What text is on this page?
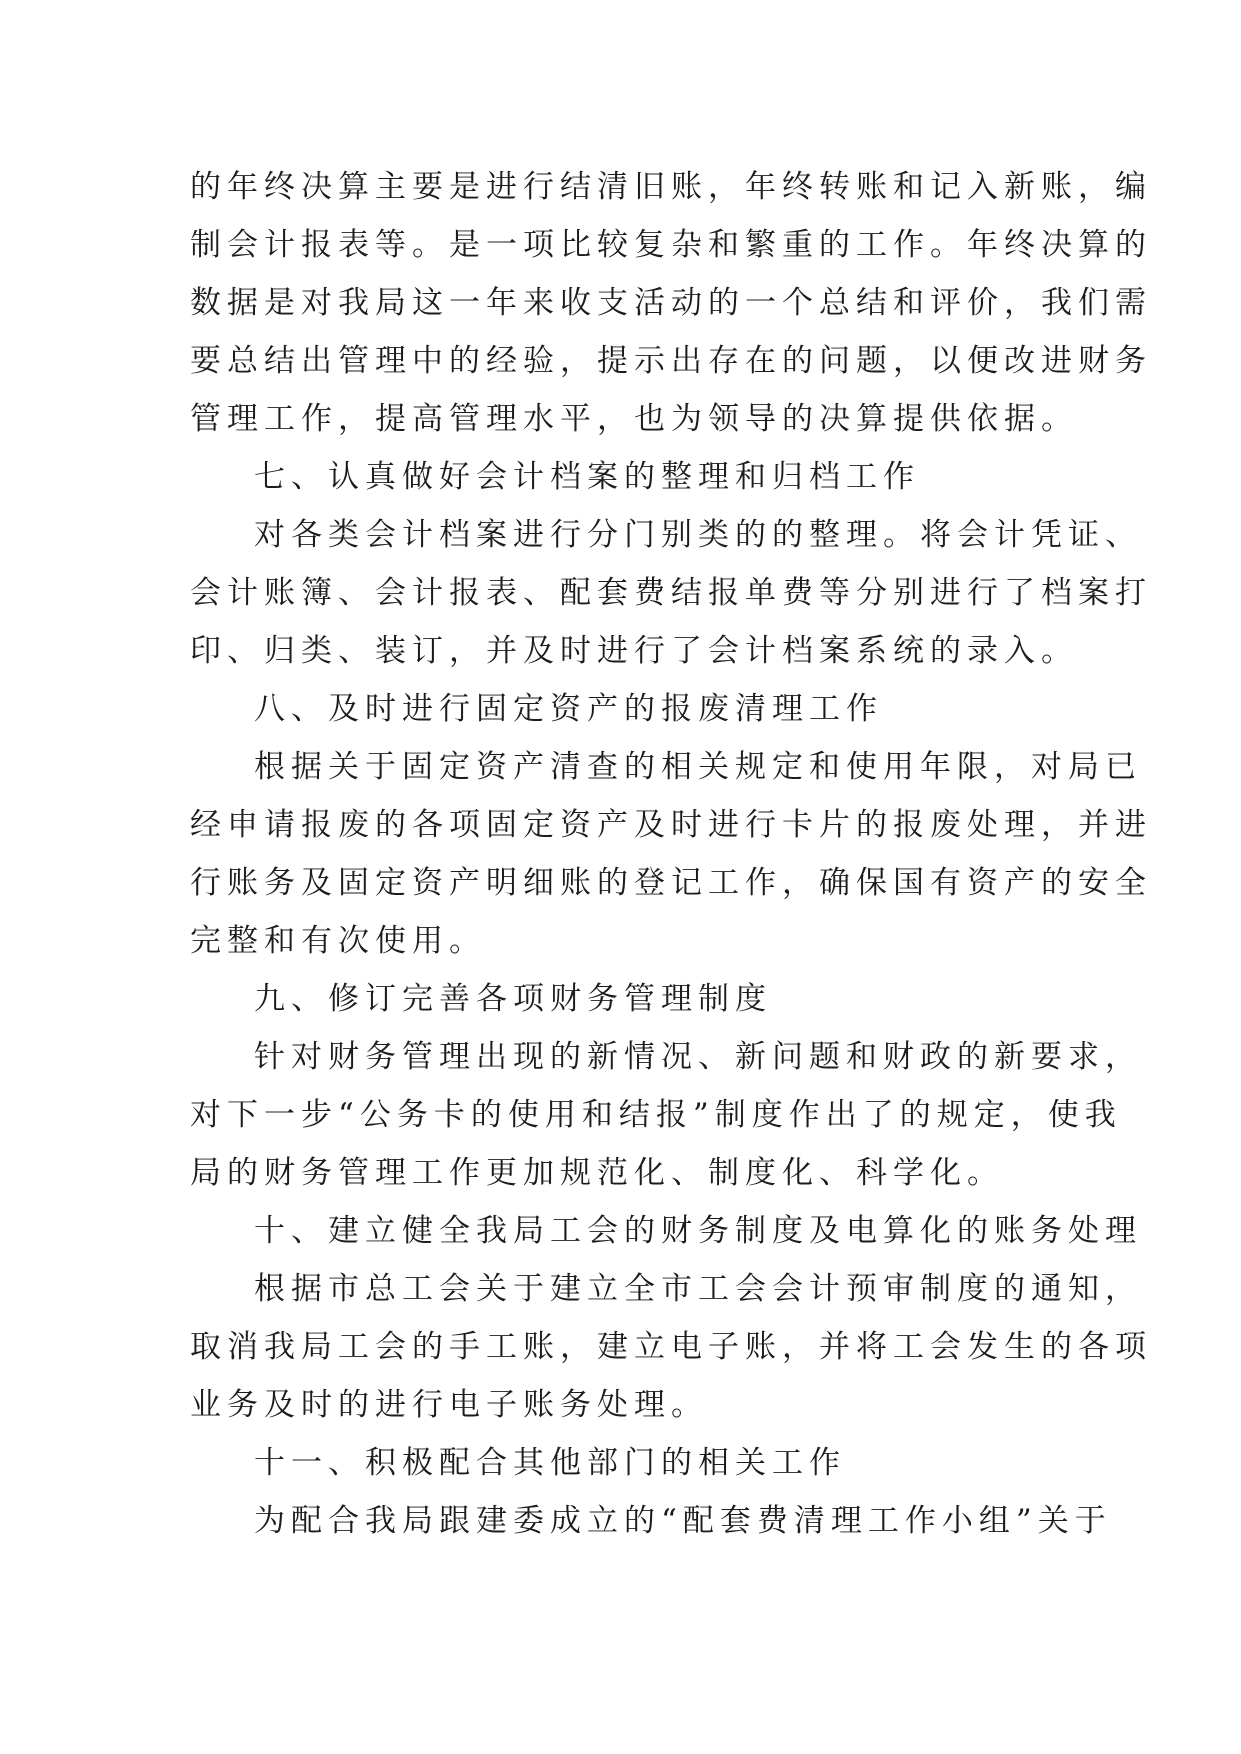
的年终决算主要是进行结清旧账，年终转账和记入新账，编
制会计报表等。是一项比较复杂和繁重的工作。年终决算的
数据是对我局这一年来收支活动的一个总结和评价，我们需
要总结出管理中的经验，提示出存在的问题，以便改进财务
管理工作，提高管理水平，也为领导的决算提供依据。
七、认真做好会计档案的整理和归档工作
对各类会计档案进行分门别类的的整理。将会计凭证、
会计账簿、会计报表、配套费结报单费等分别进行了档案打
印、归类、装订，并及时进行了会计档案系统的录入。
八、及时进行固定资产的报废清理工作
根据关于固定资产清查的相关规定和使用年限，对局已
经申请报废的各项固定资产及时进行卡片的报废处理，并进
行账务及固定资产明细账的登记工作，确保国有资产的安全
完整和有次使用。
九、修订完善各项财务管理制度
针对财务管理出现的新情况、新问题和财政的新要求，
对下一步“公务卡的使用和结报”制度作出了的规定，使我
局的财务管理工作更加规范化、制度化、科学化。
十、建立健全我局工会的财务制度及电算化的账务处理
根据市总工会关于建立全市工会会计预审制度的通知，
取消我局工会的手工账，建立电子账，并将工会发生的各项
业务及时的进行电子账务处理。
十一、积极配合其他部门的相关工作
为配合我局跟建委成立的“配套费清理工作小组”关于
